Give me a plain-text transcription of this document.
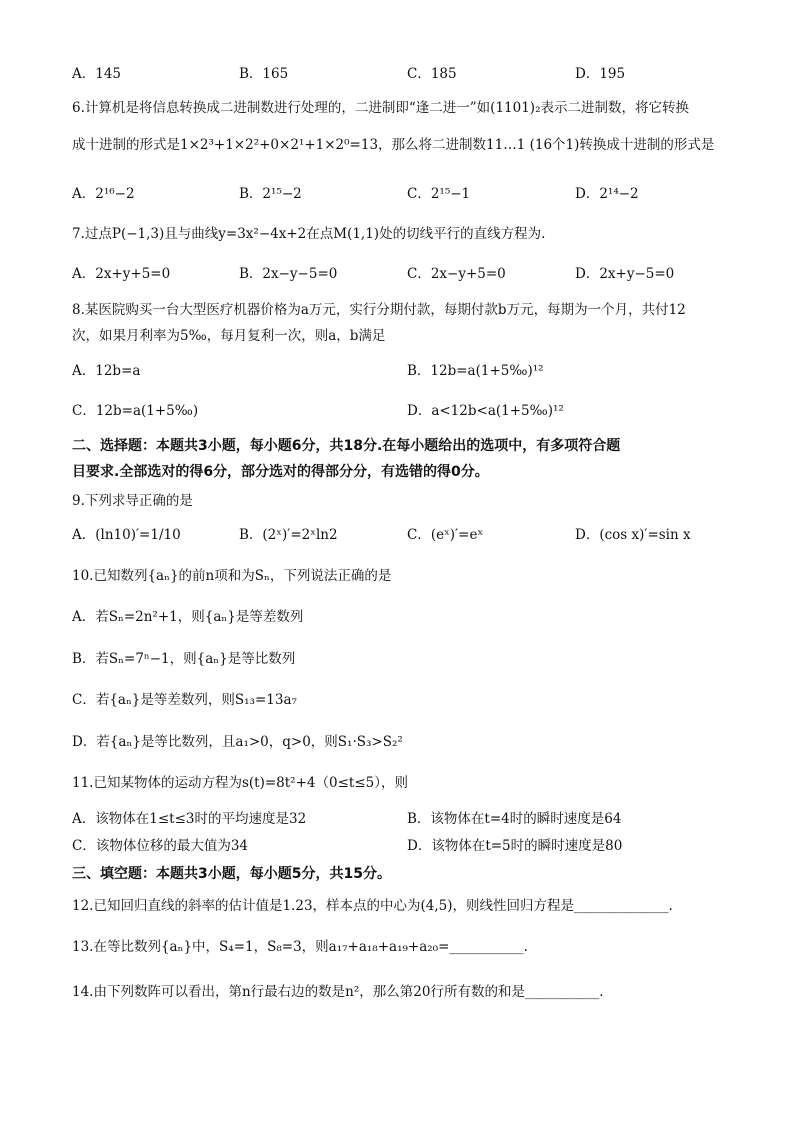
A．145	B．165	C．185	D．195
6.计算机是将信息转换成二进制数进行处理的，二进制即“逢二进一”如(1101)₂表示二进制数，将它转换
成十进制的形式是1×2³+1×2²+0×2¹+1×2⁰=13，那么将二进制数11…1 (16个1)转换成十进制的形式是
A．2¹⁶−2	B．2¹⁵−2	C．2¹⁵−1	D．2¹⁴−2
7.过点P(−1,3)且与曲线y=3x²−4x+2在点M(1,1)处的切线平行的直线方程为.
A．2x+y+5=0	B．2x−y−5=0	C．2x−y+5=0	D．2x+y−5=0
8.某医院购买一台大型医疗机器价格为a万元，实行分期付款，每期付款b万元，每期为一个月，共付12
次，如果月利率为5‰，每月复利一次，则a，b满足
A．12b=a	B．12b=a(1+5‰)¹²
C．12b=a(1+5‰)	D．a<12b<a(1+5‰)¹²
二、选择题：本题共3小题，每小题6分，共18分.在每小题给出的选项中，有多项符合题
目要求.全部选对的得6分，部分选对的得部分分，有选错的得0分。
9.下列求导正确的是
A．(ln10)′=1/10	B．(2ˣ)′=2ˣln2	C．(eˣ)′=eˣ	D．(cos x)′=sin x
10.已知数列{aₙ}的前n项和为Sₙ，下列说法正确的是
A．若Sₙ=2n²+1，则{aₙ}是等差数列
B．若Sₙ=7ⁿ−1，则{aₙ}是等比数列
C．若{aₙ}是等差数列，则S₁₃=13a₇
D．若{aₙ}是等比数列，且a₁>0，q>0，则S₁·S₃>S₂²
11.已知某物体的运动方程为s(t)=8t²+4（0≤t≤5），则
A．该物体在1≤t≤3时的平均速度是32	B．该物体在t=4时的瞬时速度是64
C．该物体位移的最大值为34	D．该物体在t=5时的瞬时速度是80
三、填空题：本题共3小题，每小题5分，共15分。
12.已知回归直线的斜率的估计值是1.23，样本点的中心为(4,5)，则线性回归方程是______________.
13.在等比数列{aₙ}中，S₄=1，S₈=3，则a₁₇+a₁₈+a₁₉+a₂₀=___________.
14.由下列数阵可以看出，第n行最右边的数是n²，那么第20行所有数的和是___________.
